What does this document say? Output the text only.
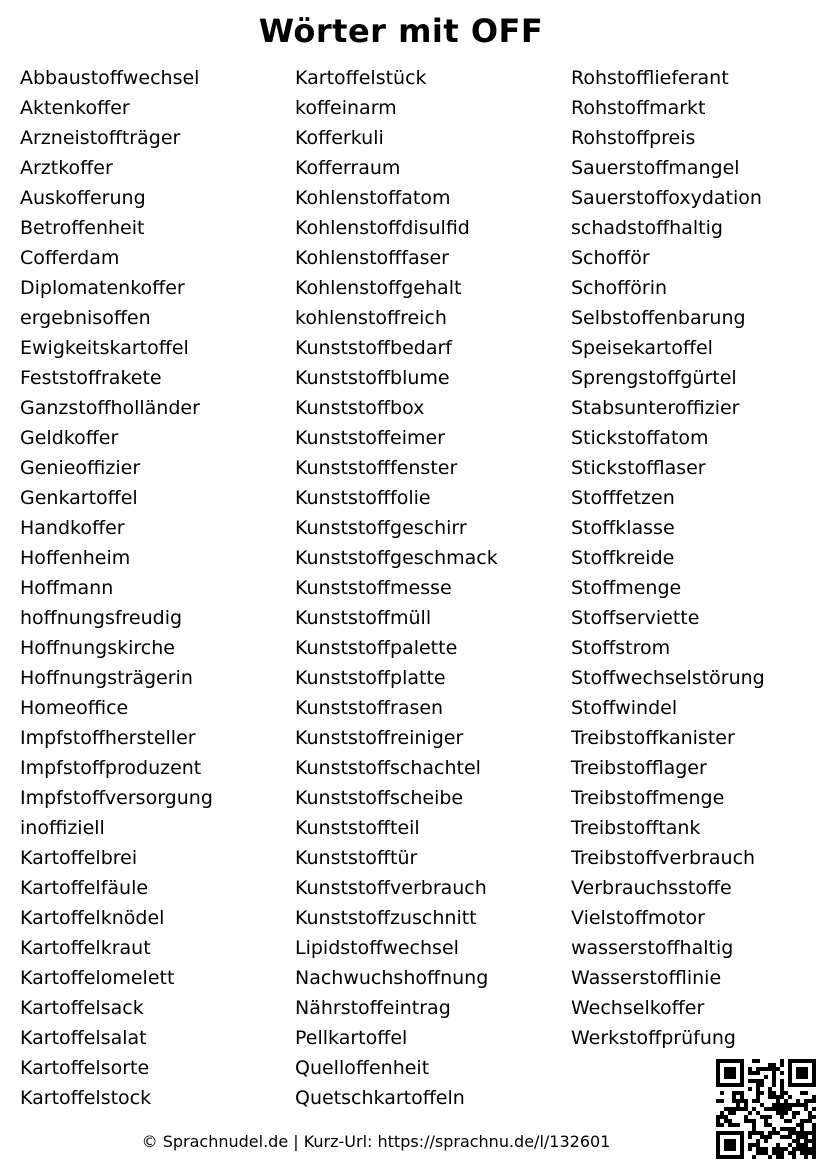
Wörter mit OFF
Abbaustoffwechsel
Aktenkoffer
Arzneistoffträger
Arztkoffer
Auskofferung
Betroffenheit
Cofferdam
Diplomatenkoffer
ergebnisoffen
Ewigkeitskartoffel
Feststoffrakete
Ganzstoffholländer
Geldkoffer
Genieoffizier
Genkartoffel
Handkoffer
Hoffenheim
Hoffmann
hoffnungsfreudig
Hoffnungskirche
Hoffnungsträgerin
Homeoffice
Impfstoffhersteller
Impfstoffproduzent
Impfstoffversorgung
inoffiziell
Kartoffelbrei
Kartoffelfäule
Kartoffelknödel
Kartoffelkraut
Kartoffelomelett
Kartoffelsack
Kartoffelsalat
Kartoffelsorte
Kartoffelstock
Kartoffelstück
koffeinarm
Kofferkuli
Kofferraum
Kohlenstoffatom
Kohlenstoffdisulfid
Kohlenstofffaser
Kohlenstoffgehalt
kohlenstoffreich
Kunststoffbedarf
Kunststoffblume
Kunststoffbox
Kunststoffeimer
Kunststofffenster
Kunststofffolie
Kunststoffgeschirr
Kunststoffgeschmack
Kunststoffmesse
Kunststoffmüll
Kunststoffpalette
Kunststoffplatte
Kunststoffrasen
Kunststoffreiniger
Kunststoffschachtel
Kunststoffscheibe
Kunststoffteil
Kunststofftür
Kunststoffverbrauch
Kunststoffzuschnitt
Lipidstoffwechsel
Nachwuchshoffnung
Nährstoffeintrag
Pellkartoffel
Quelloffenheit
Quetschkartoffeln
Rohstofflieferant
Rohstoffmarkt
Rohstoffpreis
Sauerstoffmangel
Sauerstoffoxydation
schadstoffhaltig
Schofför
Schofförin
Selbstoffenbarung
Speisekartoffel
Sprengstoffgürtel
Stabsunteroffizier
Stickstoffatom
Stickstofflaser
Stofffetzen
Stoffklasse
Stoffkreide
Stoffmenge
Stoffserviette
Stoffstrom
Stoffwechselstörung
Stoffwindel
Treibstoffkanister
Treibstofflager
Treibstoffmenge
Treibstofftank
Treibstoffverbrauch
Verbrauchsstoffe
Vielstoffmotor
wasserstoffhaltig
Wasserstofflinie
Wechselkoffer
Werkstoffprüfung
© Sprachnudel.de | Kurz-Url: https://sprachnu.de/l/132601
